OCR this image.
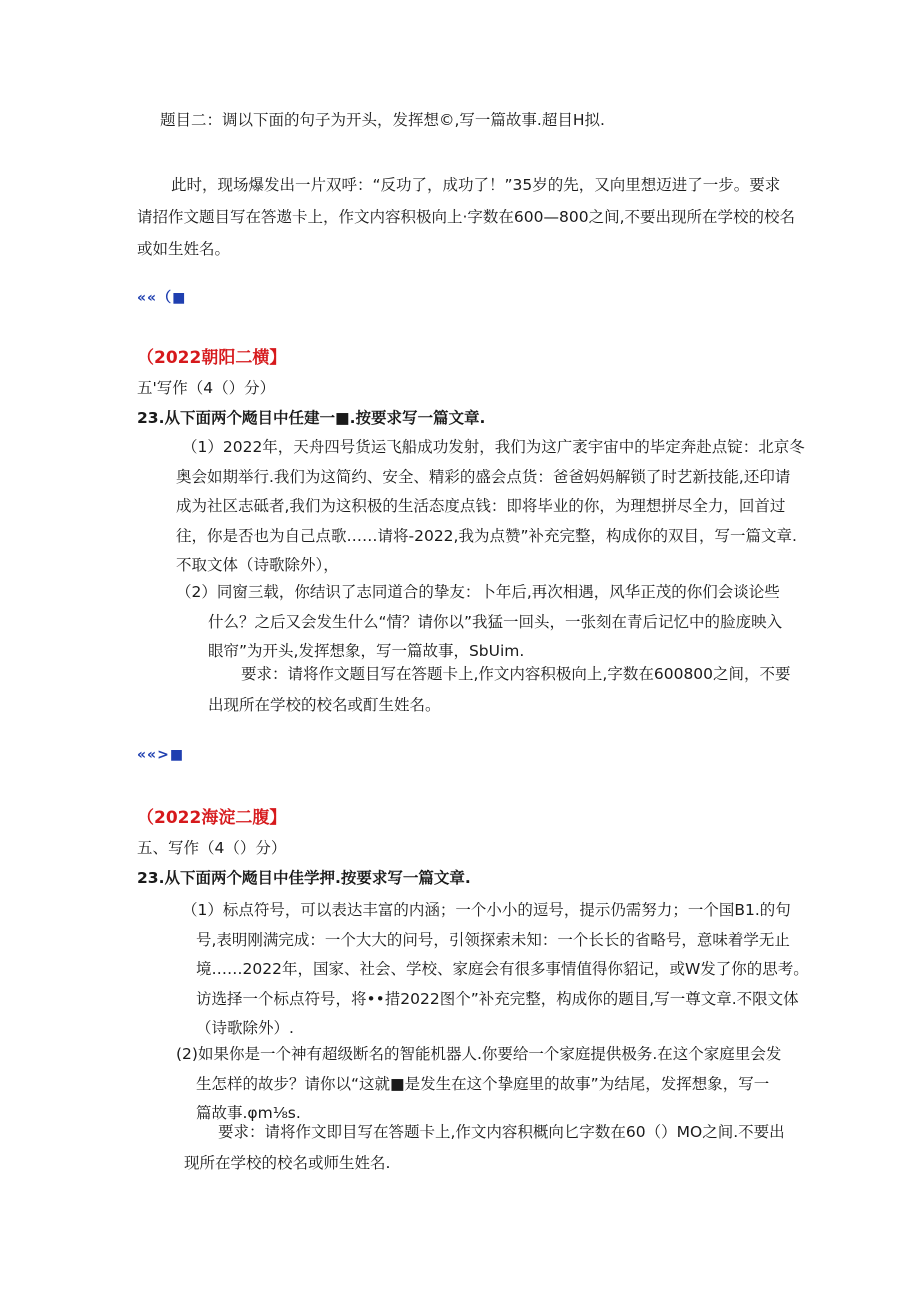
题目二：调以下面的句子为开头，发挥想©,写一篇故事.超目H拟.
此时，现场爆发出一片双呼：“反功了，成功了！”35岁的先，又向里想迈进了一步。要求
请招作文题目写在答遨卡上，作文内容积极向上·字数在600—800之间,不要出现所在学校的校名
或如生姓名。
««（■
（2022朝阳二横】
五'写作（4（）分）
23.从下面两个飏目中任建一■.按要求写一篇文章.
（1）2022年，天舟四号货运飞船成功发射，我们为这广袤宇宙中的毕定奔赴点锭：北京冬
奥会如期举行.我们为这简约、安全、精彩的盛会点货：爸爸妈妈解锁了时艺新技能,还印请
成为社区志砥者,我们为这积极的生活态度点钱：即将毕业的你，为理想拼尽全力，回首过
往，你是否也为自己点歌……请将-2022,我为点赞”补充完整，构成你的双目，写一篇文章.
不取文体（诗歌除外），
（2）同窗三载，你结识了志同道合的挚友：卜年后,再次相遇，风华正茂的你们会谈论些
什么？之后又会发生什么“情？请你以”我猛一回头，一张刻在青后记忆中的脸庞映入
眼帘”为开头,发挥想象，写一篇故事，SbUim.
要求：请将作文题目写在答题卡上,作文内容积极向上,字数在600800之间，不要
出现所在学校的校名或酊生姓名。
««>■
（2022海淀二腹】
五、写作（4（）分）
23.从下面两个飏目中佳学押.按要求写一篇文章.
（1）标点符号，可以表达丰富的内涵；一个小小的逗号，提示仍需努力；一个国B1.的句
号,表明刚满完成：一个大大的问号，引领探索未知：一个长长的省略号，意味着学无止
境……2022年，国家、社会、学校、家庭会有很多事情值得你貂记，或W发了你的思考。
访选择一个标点符号，将••措2022图个”补充完整，构成你的题目,写一尊文章.不限文体
（诗歌除外）.
(2)如果你是一个神有超级断名的智能机器人.你要给一个家庭提供极务.在这个家庭里会发
生怎样的故步？请你以“这就■是发生在这个挚庭里的故事”为结尾，发挥想象，写一
篇故事.φm⅛s.
要求：请将作文即目写在答题卡上,作文内容积概向匕字数在60（）MO之间.不要出
现所在学校的校名或师生姓名.
